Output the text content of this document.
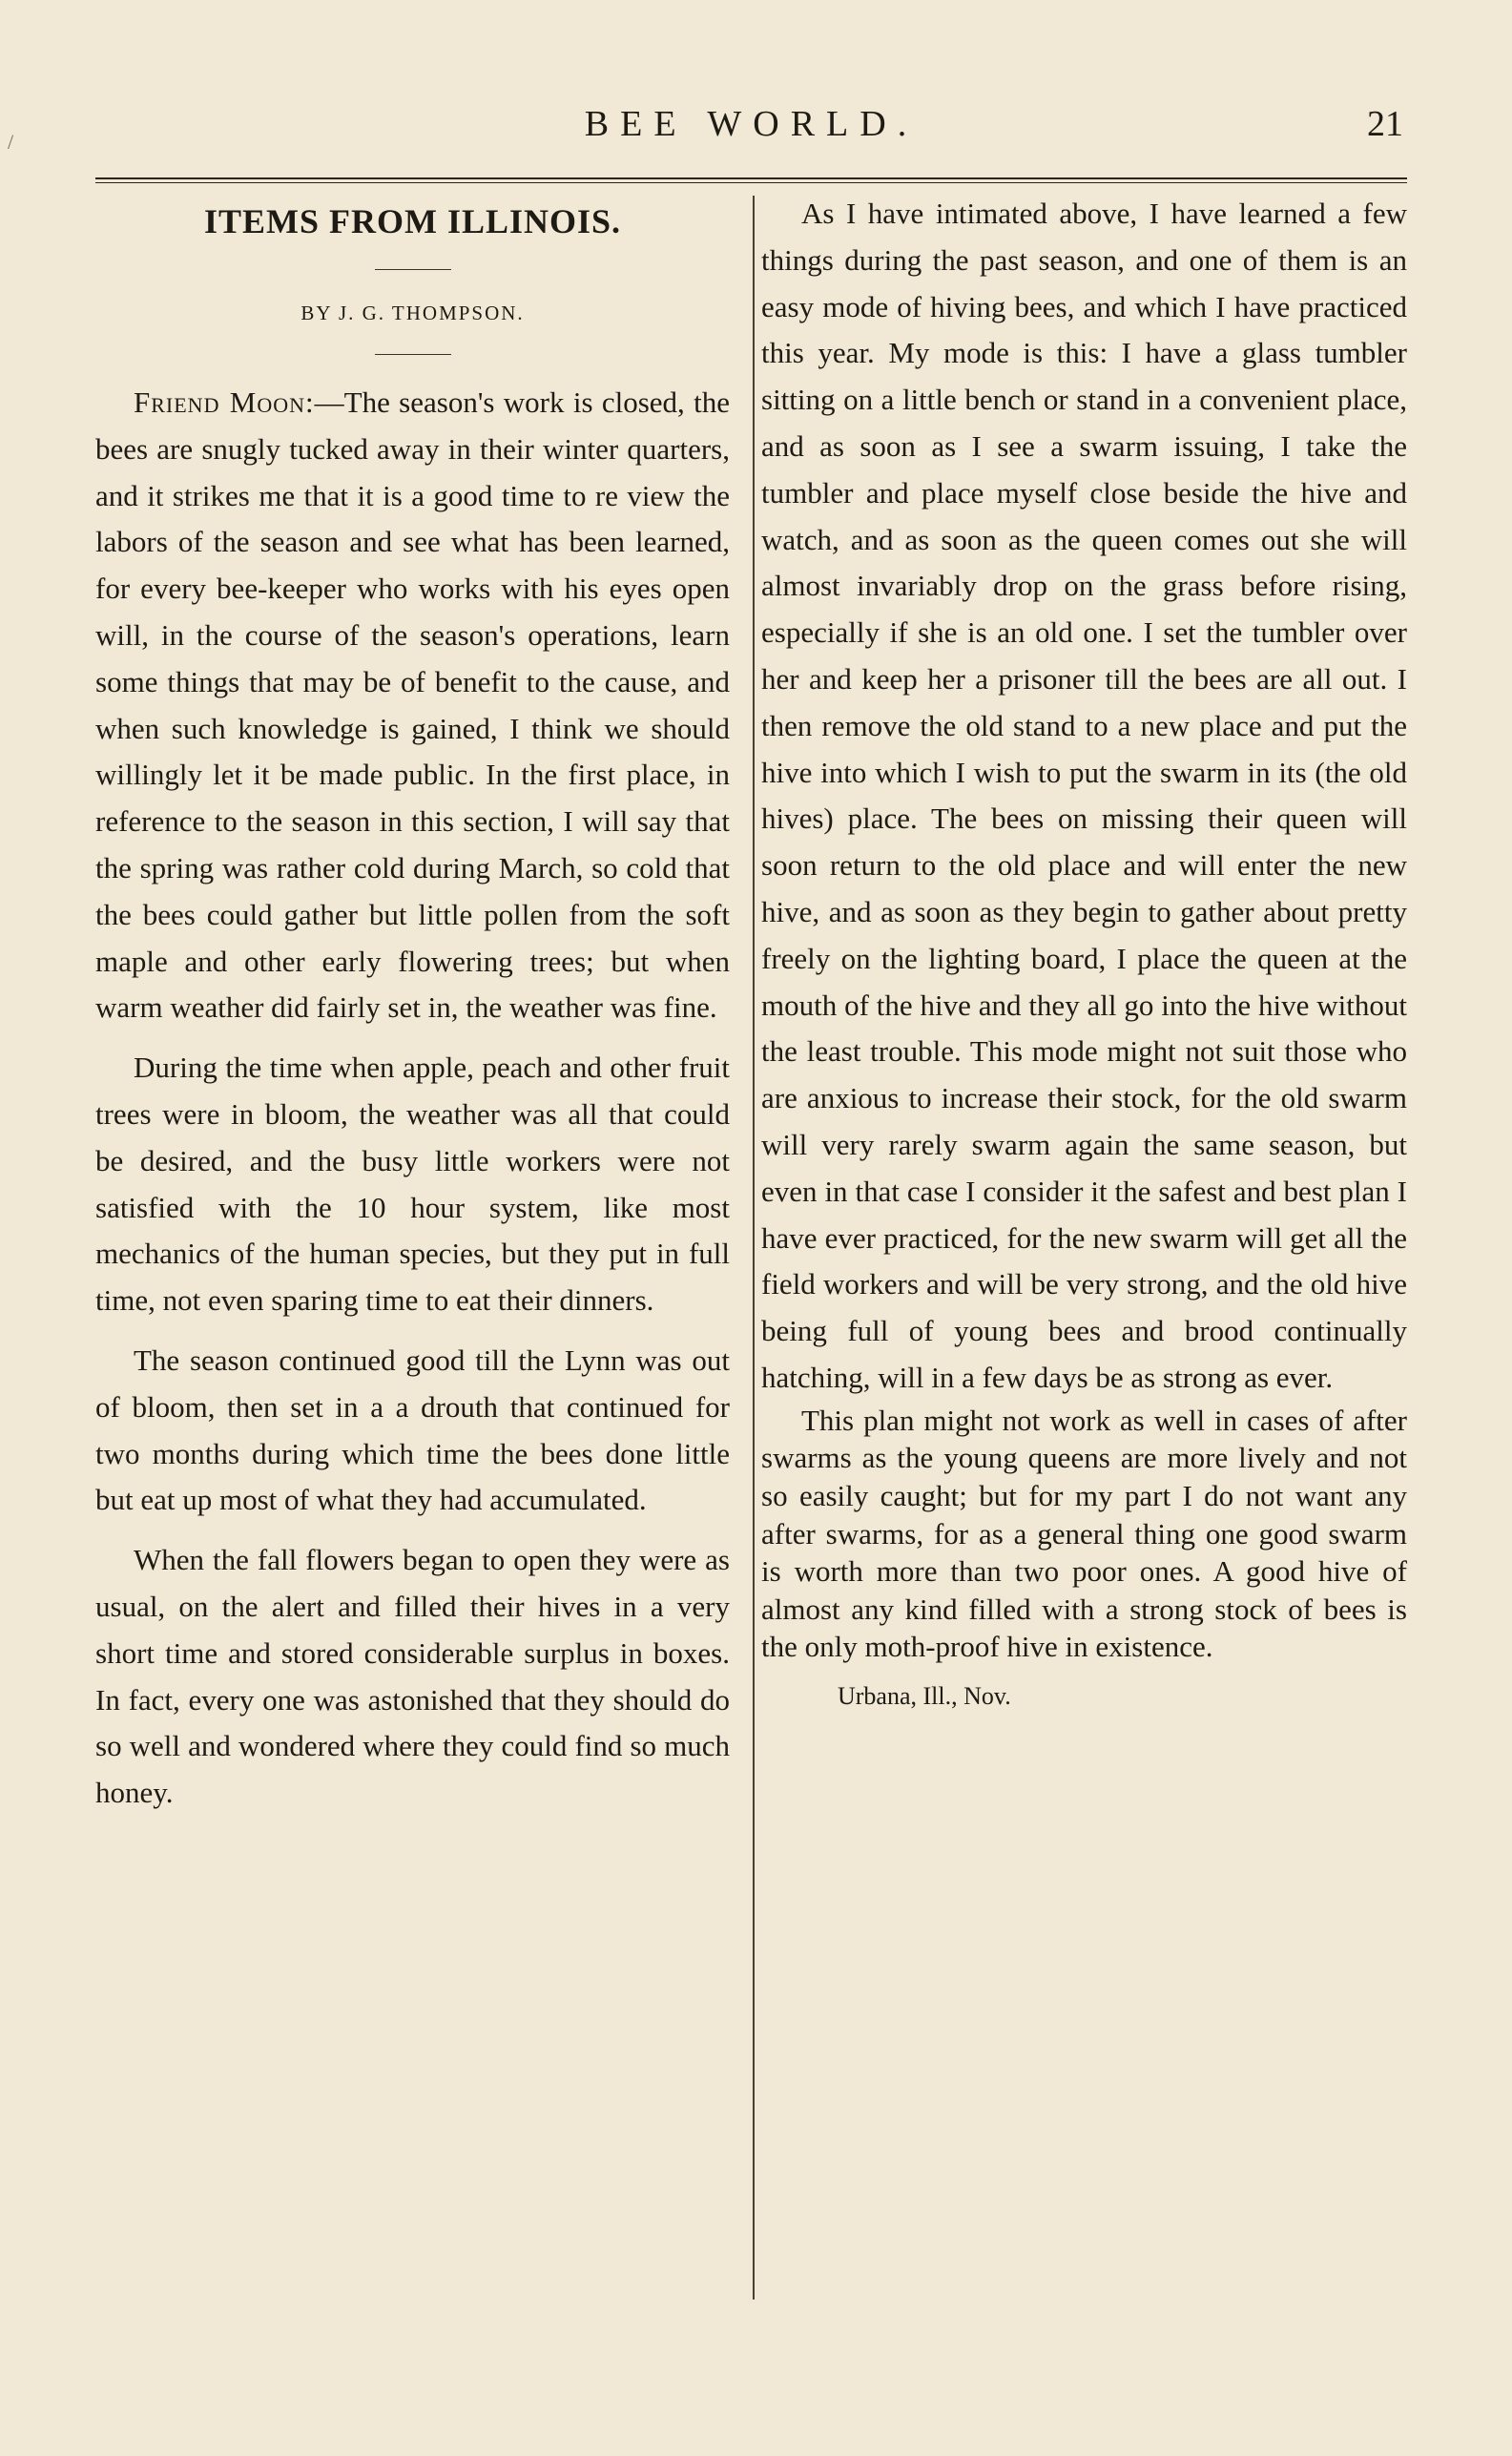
/	BEE WORLD.	21
ITEMS FROM ILLINOIS.
BY J. G. THOMPSON.

Friend Moon:—The season's work is closed, the bees are snugly tucked away in their winter quarters, and it strikes me that it is a good time to re view the labors of the season and see what has been learned, for every bee-keeper who works with his eyes open will, in the course of the season's operations, learn some things that may be of benefit to the cause, and when such knowledge is gained, I think we should willingly let it be made public. In the first place, in reference to the season in this section, I will say that the spring was rather cold during March, so cold that the bees could gather but little pollen from the soft maple and other early flowering trees; but when warm weather did fairly set in, the weather was fine.

During the time when apple, peach and other fruit trees were in bloom, the weather was all that could be desired, and the busy little workers were not satisfied with the 10 hour system, like most mechanics of the human species, but they put in full time, not even sparing time to eat their dinners.

The season continued good till the Lynn was out of bloom, then set in a a drouth that continued for two months during which time the bees done little but eat up most of what they had accumulated.

When the fall flowers began to open they were as usual, on the alert and filled their hives in a very short time and stored considerable surplus in boxes. In fact, every one was astonished that they should do so well and wondered where they could find so much honey.

As I have intimated above, I have learned a few things during the past season, and one of them is an easy mode of hiving bees, and which I have practiced this year. My mode is this: I have a glass tumbler sitting on a little bench or stand in a convenient place, and as soon as I see a swarm issuing, I take the tumbler and place myself close beside the hive and watch, and as soon as the queen comes out she will almost invariably drop on the grass before rising, especially if she is an old one. I set the tumbler over her and keep her a prisoner till the bees are all out. I then remove the old stand to a new place and put the hive into which I wish to put the swarm in its (the old hives) place. The bees on missing their queen will soon return to the old place and will enter the new hive, and as soon as they begin to gather about pretty freely on the lighting board, I place the queen at the mouth of the hive and they all go into the hive without the least trouble. This mode might not suit those who are anxious to increase their stock, for the old swarm will very rarely swarm again the same season, but even in that case I consider it the safest and best plan I have ever practiced, for the new swarm will get all the field workers and will be very strong, and the old hive being full of young bees and brood continually hatching, will in a few days be as strong as ever.

This plan might not work as well in cases of after swarms as the young queens are more lively and not so easily caught; but for my part I do not want any after swarms, for as a general thing one good swarm is worth more than two poor ones. A good hive of almost any kind filled with a strong stock of bees is the only moth-proof hive in existence.

Urbana, Ill., Nov.
